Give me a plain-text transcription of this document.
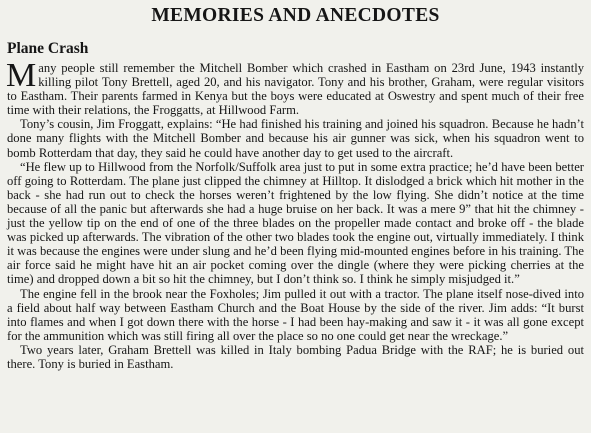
MEMORIES AND ANECDOTES
Plane Crash

Many people still remember the Mitchell Bomber which crashed in Eastham on 23rd June, 1943 instantly killing pilot Tony Brettell, aged 20, and his navigator. Tony and his brother, Graham, were regular visitors to Eastham. Their parents farmed in Kenya but the boys were educated at Oswestry and spent much of their free time with their relations, the Froggatts, at Hillwood Farm.

Tony’s cousin, Jim Froggatt, explains: “He had finished his training and joined his squadron. Because he hadn’t done many flights with the Mitchell Bomber and because his air gunner was sick, when his squadron went to bomb Rotterdam that day, they said he could have another day to get used to the aircraft.

“He flew up to Hillwood from the Norfolk/Suffolk area just to put in some extra practice; he’d have been better off going to Rotterdam. The plane just clipped the chimney at Hilltop. It dislodged a brick which hit mother in the back - she had run out to check the horses weren’t frightened by the low flying. She didn’t notice at the time because of all the panic but afterwards she had a huge bruise on her back. It was a mere 9” that hit the chimney - just the yellow tip on the end of one of the three blades on the propeller made contact and broke off - the blade was picked up afterwards. The vibration of the other two blades took the engine out, virtually immediately. I think it was because the engines were under slung and he’d been flying mid-mounted engines before in his training. The air force said he might have hit an air pocket coming over the dingle (where they were picking cherries at the time) and dropped down a bit so hit the chimney, but I don’t think so. I think he simply misjudged it.”

The engine fell in the brook near the Foxholes; Jim pulled it out with a tractor. The plane itself nose-dived into a field about half way between Eastham Church and the Boat House by the side of the river. Jim adds: “It burst into flames and when I got down there with the horse - I had been hay-making and saw it - it was all gone except for the ammunition which was still firing all over the place so no one could get near the wreckage.”

Two years later, Graham Brettell was killed in Italy bombing Padua Bridge with the RAF; he is buried out there. Tony is buried in Eastham.
